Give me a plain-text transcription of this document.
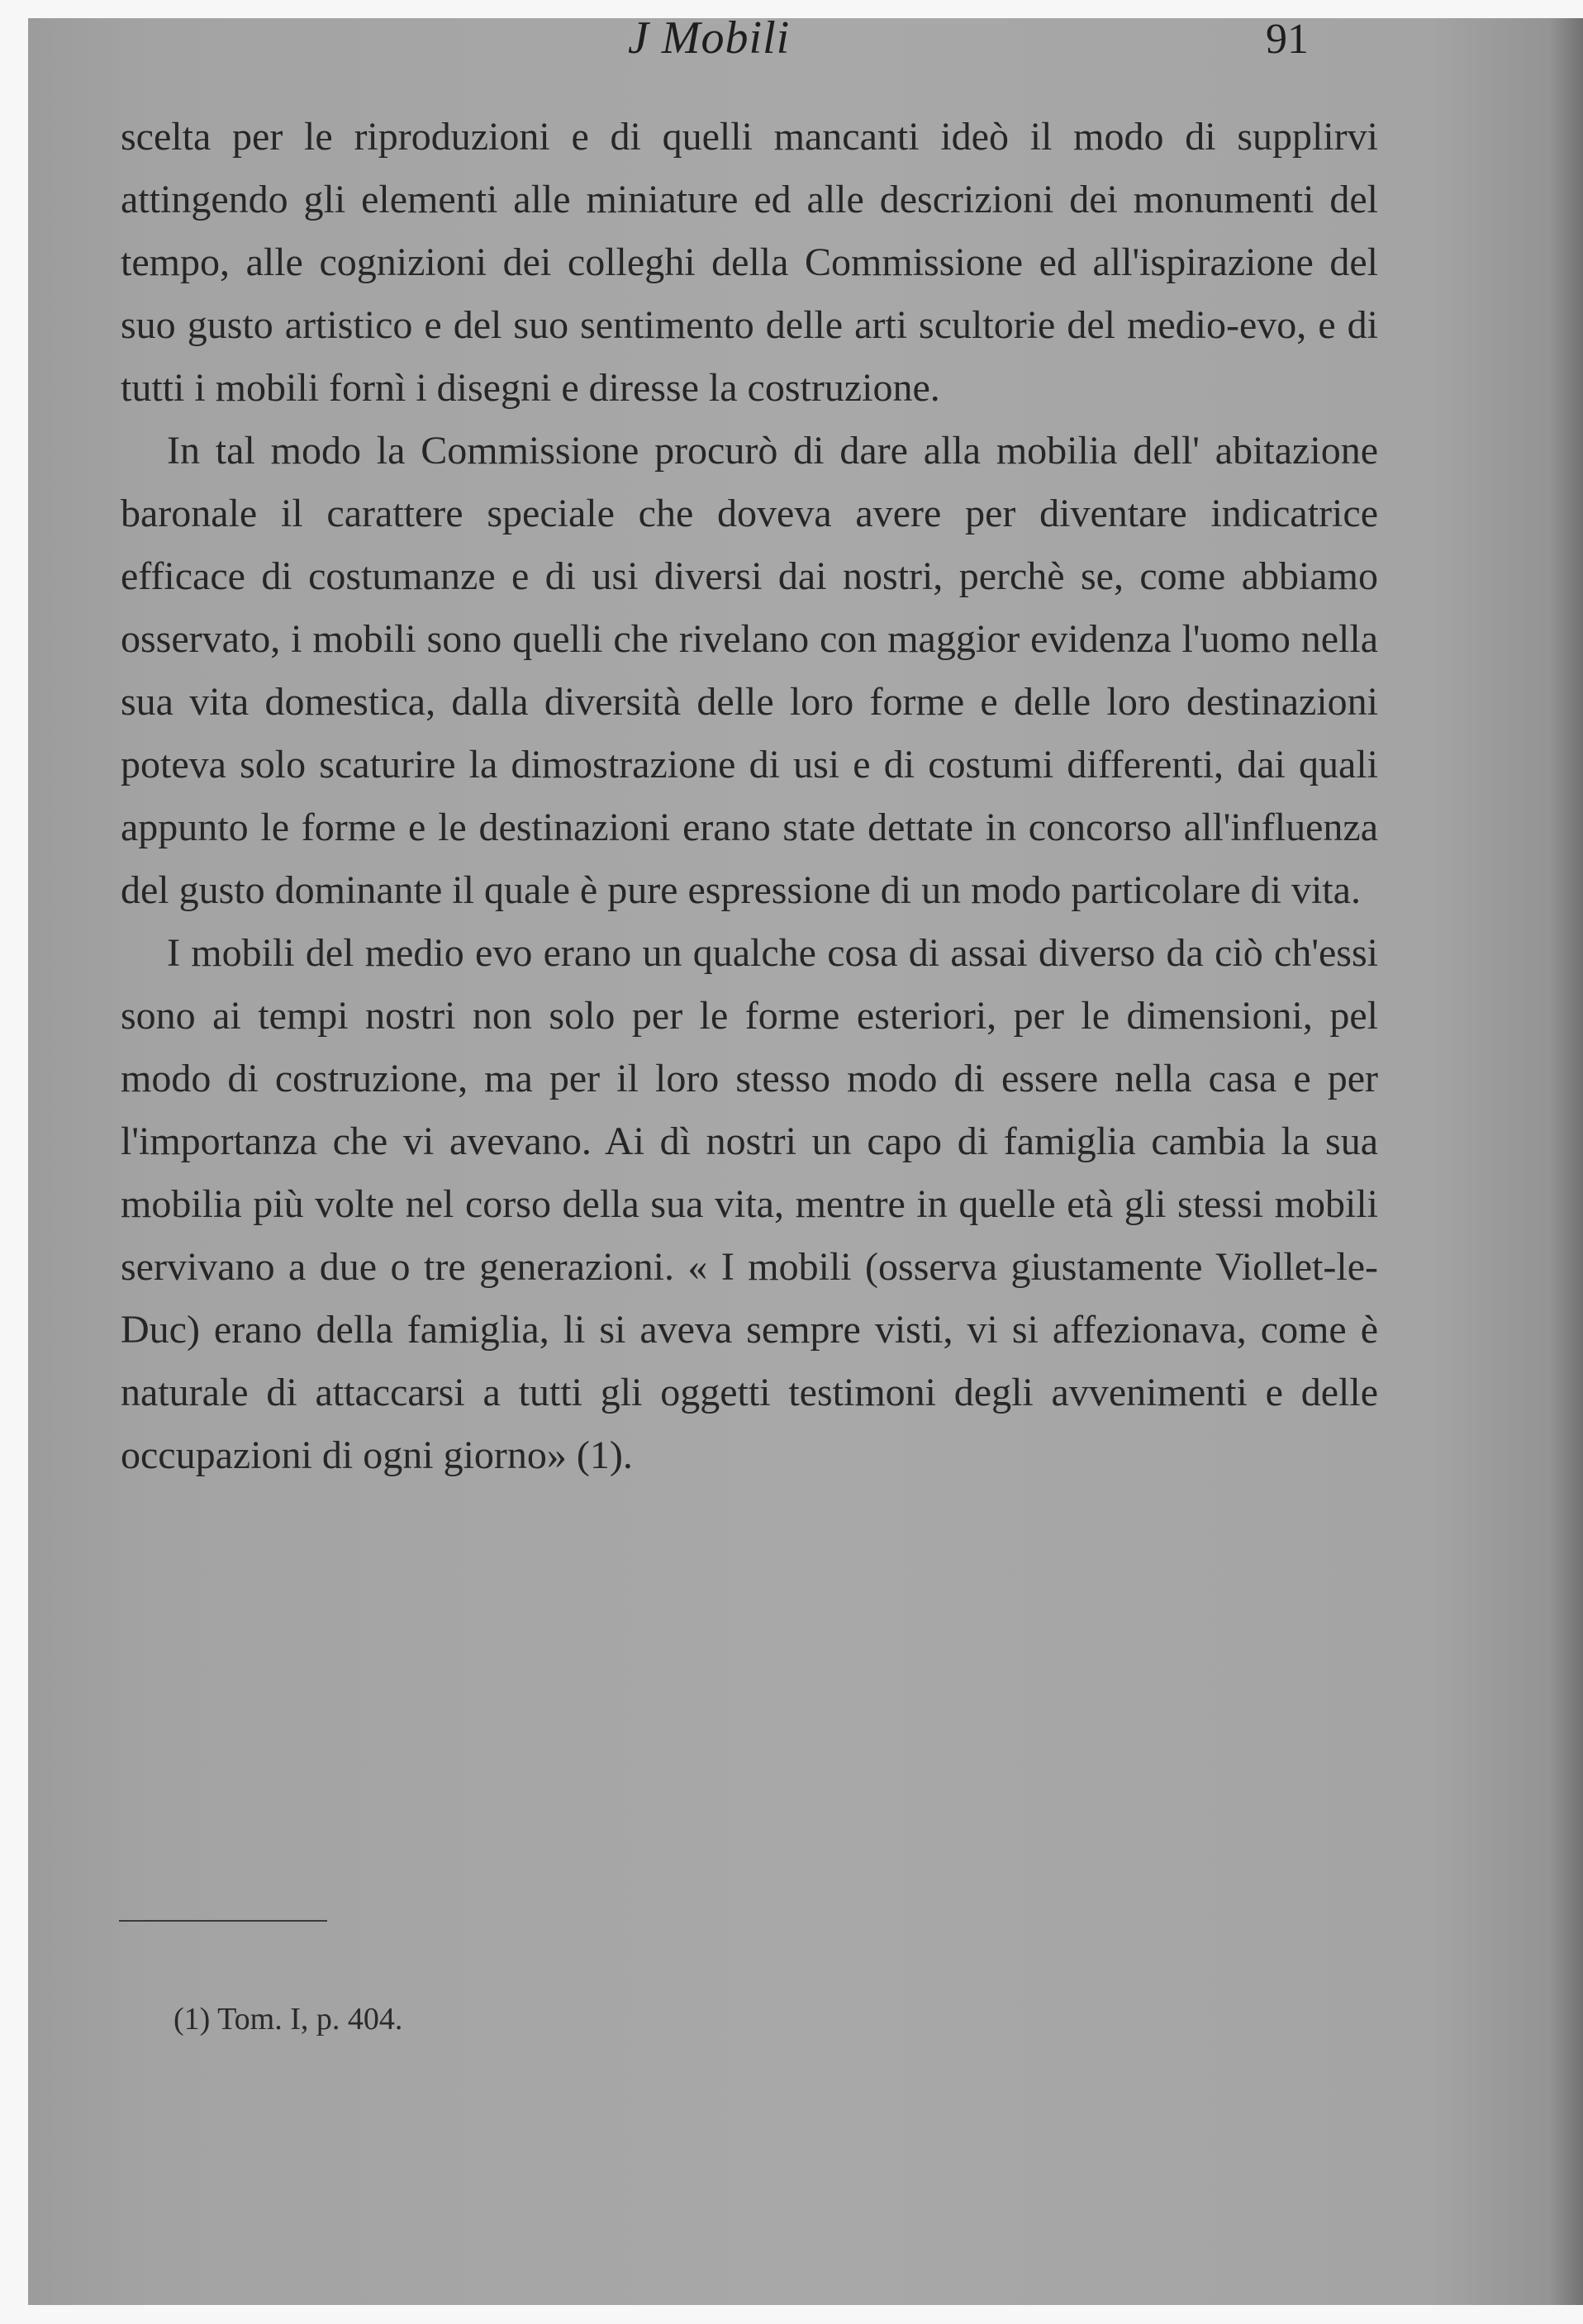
J Mobili	91

scelta per le riproduzioni e di quelli mancanti ideò il modo di supplirvi attingendo gli elementi alle miniature ed alle descrizioni dei monumenti del tempo, alle cognizioni dei colleghi della Commissione ed all'ispirazione del suo gusto artistico e del suo sentimento delle arti scultorie del medio-evo, e di tutti i mobili fornì i disegni e diresse la costruzione.

In tal modo la Commissione procurò di dare alla mobilia dell' abitazione baronale il carattere speciale che doveva avere per diventare indicatrice efficace di costumanze e di usi diversi dai nostri, perchè se, come abbiamo osservato, i mobili sono quelli che rivelano con maggior evidenza l'uomo nella sua vita domestica, dalla diversità delle loro forme e delle loro destinazioni poteva solo scaturire la dimostrazione di usi e di costumi differenti, dai quali appunto le forme e le destinazioni erano state dettate in concorso all'influenza del gusto dominante il quale è pure espressione di un modo particolare di vita.

I mobili del medio evo erano un qualche cosa di assai diverso da ciò ch'essi sono ai tempi nostri non solo per le forme esteriori, per le dimensioni, pel modo di costruzione, ma per il loro stesso modo di essere nella casa e per l'importanza che vi avevano. Ai dì nostri un capo di famiglia cambia la sua mobilia più volte nel corso della sua vita, mentre in quelle età gli stessi mobili servivano a due o tre generazioni. « I mobili (osserva giustamente Viollet-le-Duc) erano della famiglia, li si aveva sempre visti, vi si affezionava, come è naturale di attaccarsi a tutti gli oggetti testimoni degli avvenimenti e delle occupazioni di ogni giorno» (1).

(1) Tom. I, p. 404.
